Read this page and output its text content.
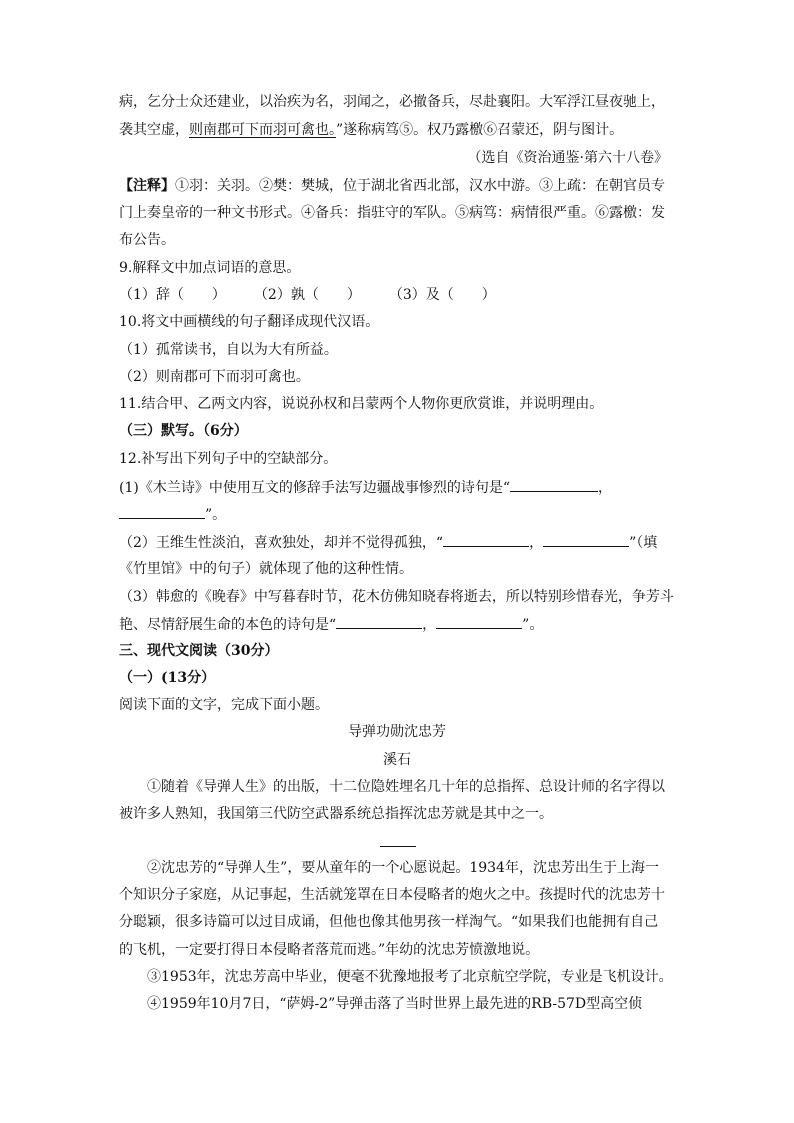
病，乞分士众还建业，以治疾为名，羽闻之，必撤备兵，尽赴襄阳。大军浮江昼夜驰上，
袭其空虚，则南郡可下而羽可禽也。”遂称病笃⑤。权乃露檄⑥召蒙还，阴与图计。
（选自《资治通鉴·第六十八卷》
【注释】①羽：关羽。②樊：樊城，位于湖北省西北部，汉水中游。③上疏：在朝官员专
门上奏皇帝的一种文书形式。④备兵：指驻守的军队。⑤病笃：病情很严重。⑥露檄：发
布公告。
9.解释文中加点词语的意思。
（1）辞（　　） （2）孰（　　） （3）及（　　）
10.将文中画横线的句子翻译成现代汉语。
（1）孤常读书，自以为大有所益。
（2）则南郡可下而羽可禽也。
11.结合甲、乙两文内容，说说孙权和吕蒙两个人物你更欣赏谁，并说明理由。
（三）默写。（6分）
12.补写出下列句子中的空缺部分。
(1)《木兰诗》中使用互文的修辞手法写边疆战事惨烈的诗句是“	，
”。
（2）王维生性淡泊，喜欢独处，却并不觉得孤独，“	，	”（填
《竹里馆》中的句子）就体现了他的这种性情。
（3）韩愈的《晚春》中写暮春时节，花木仿佛知晓春将逝去，所以特别珍惜春光，争芳斗
艳、尽情舒展生命的本色的诗句是“	，	”。
三、现代文阅读（30分）
（一）(13分）
阅读下面的文字，完成下面小题。
导弹功勋沈忠芳
溪石
①随着《导弹人生》的出版，十二位隐姓埋名几十年的总指挥、总设计师的名字得以
被许多人熟知，我国第三代防空武器系统总指挥沈忠芳就是其中之一。
②沈忠芳的“导弹人生”，要从童年的一个心愿说起。1934年，沈忠芳出生于上海一
个知识分子家庭，从记事起，生活就笼罩在日本侵略者的炮火之中。孩提时代的沈忠芳十
分聪颖，很多诗篇可以过目成诵，但他也像其他男孩一样淘气。“如果我们也能拥有自己
的飞机，一定要打得日本侵略者落荒而逃。”年幼的沈忠芳愤激地说。
③1953年，沈忠芳高中毕业，便毫不犹豫地报考了北京航空学院，专业是飞机设计。
④1959年10月7日，“萨姆-2”导弹击落了当时世界上最先进的RB-57D型高空侦
